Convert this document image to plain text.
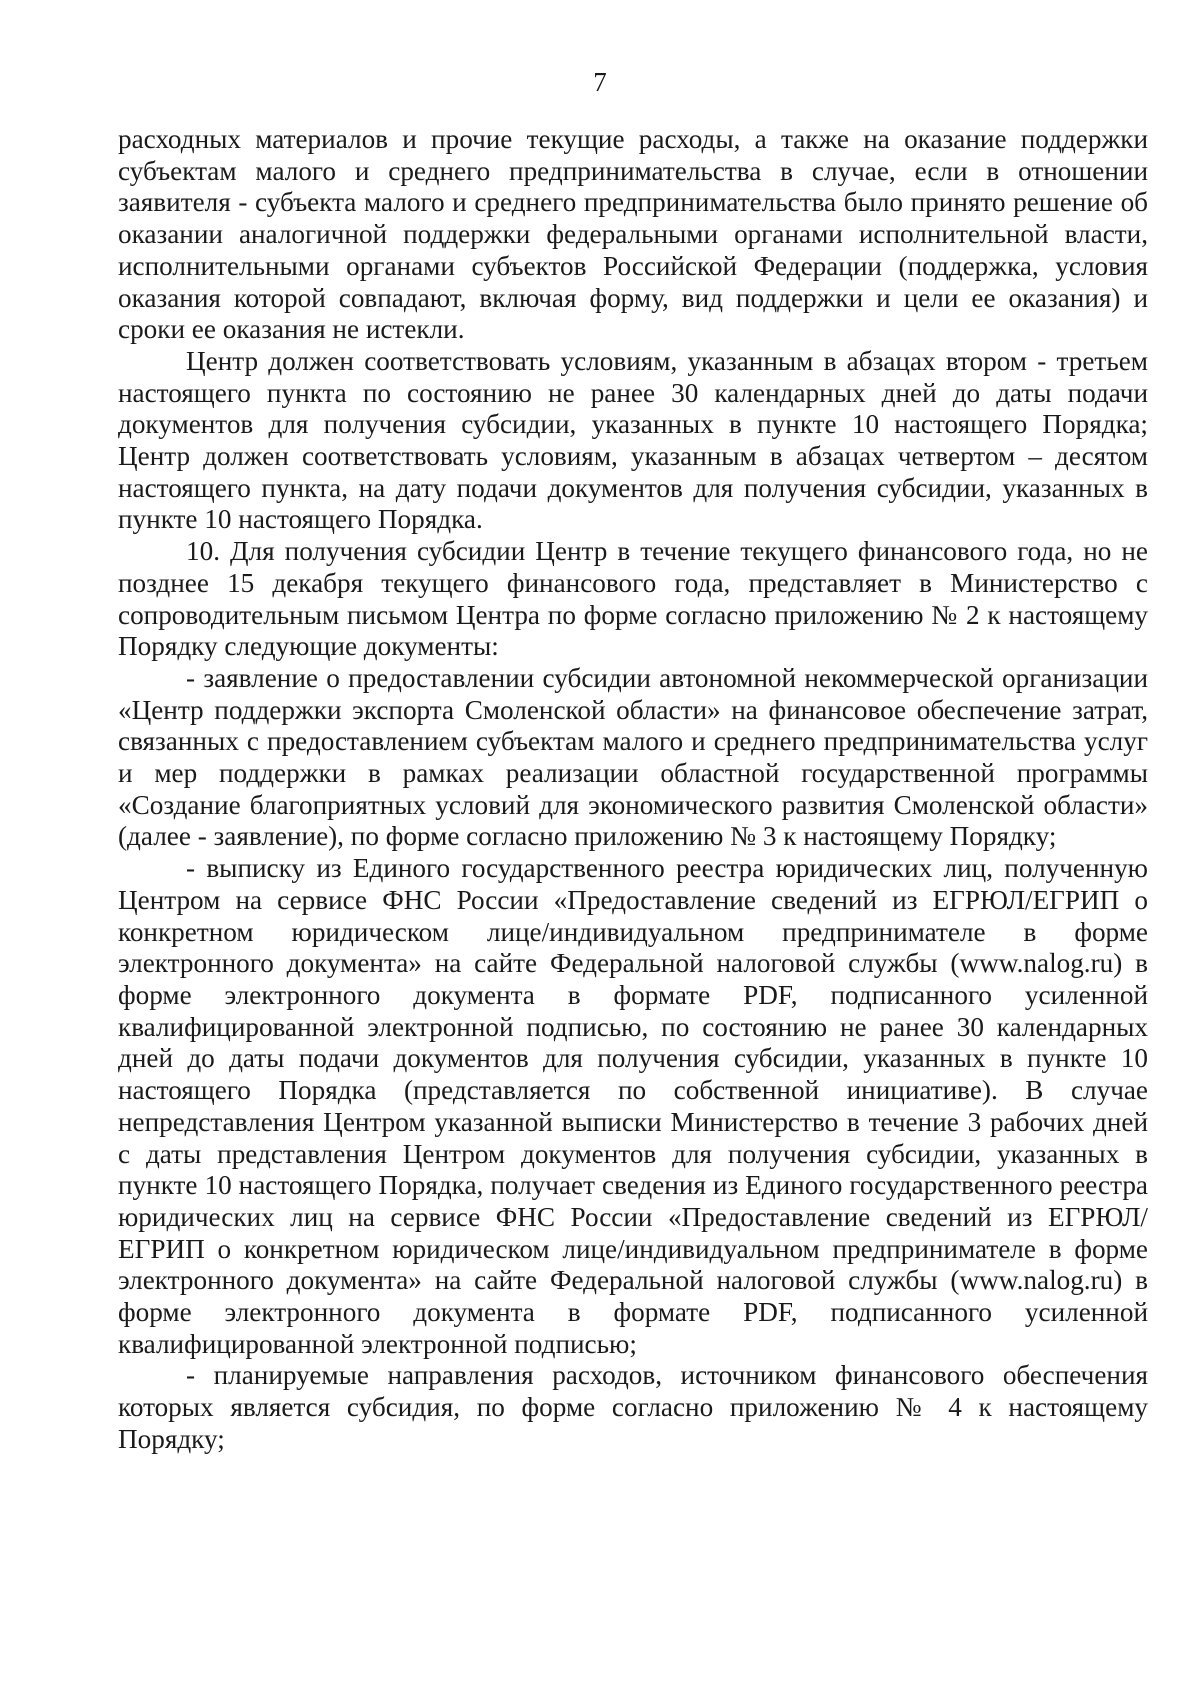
7

расходных материалов и прочие текущие расходы, а также на оказание поддержки субъектам малого и среднего предпринимательства в случае, если в отношении заявителя - субъекта малого и среднего предпринимательства было принято решение об оказании аналогичной поддержки федеральными органами исполнительной власти, исполнительными органами субъектов Российской Федерации (поддержка, условия оказания которой совпадают, включая форму, вид поддержки и цели ее оказания) и сроки ее оказания не истекли.

Центр должен соответствовать условиям, указанным в абзацах втором - третьем настоящего пункта по состоянию не ранее 30 календарных дней до даты подачи документов для получения субсидии, указанных в пункте 10 настоящего Порядка; Центр должен соответствовать условиям, указанным в абзацах четвертом – десятом настоящего пункта, на дату подачи документов для получения субсидии, указанных в пункте 10 настоящего Порядка.

10. Для получения субсидии Центр в течение текущего финансового года, но не позднее 15 декабря текущего финансового года, представляет в Министерство с сопроводительным письмом Центра по форме согласно приложению № 2 к настоящему Порядку следующие документы:

- заявление о предоставлении субсидии автономной некоммерческой организации «Центр поддержки экспорта Смоленской области» на финансовое обеспечение затрат, связанных с предоставлением субъектам малого и среднего предпринимательства услуг и мер поддержки в рамках реализации областной государственной программы «Создание благоприятных условий для экономического развития Смоленской области» (далее - заявление), по форме согласно приложению № 3 к настоящему Порядку;

- выписку из Единого государственного реестра юридических лиц, полученную Центром на сервисе ФНС России «Предоставление сведений из ЕГРЮЛ/ЕГРИП о конкретном юридическом лице/индивидуальном предпринимателе в форме электронного документа» на сайте Федеральной налоговой службы (www.nalog.ru) в форме электронного документа в формате PDF, подписанного усиленной квалифицированной электронной подписью, по состоянию не ранее 30 календарных дней до даты подачи документов для получения субсидии, указанных в пункте 10 настоящего Порядка (представляется по собственной инициативе). В случае непредставления Центром указанной выписки Министерство в течение 3 рабочих дней с даты представления Центром документов для получения субсидии, указанных в пункте 10 настоящего Порядка, получает сведения из Единого государственного реестра юридических лиц на сервисе ФНС России «Предоставление сведений из ЕГРЮЛ/ЕГРИП о конкретном юридическом лице/индивидуальном предпринимателе в форме электронного документа» на сайте Федеральной налоговой службы (www.nalog.ru) в форме электронного документа в формате PDF, подписанного усиленной квалифицированной электронной подписью;

- планируемые направления расходов, источником финансового обеспечения которых является субсидия, по форме согласно приложению № 4 к настоящему Порядку;
